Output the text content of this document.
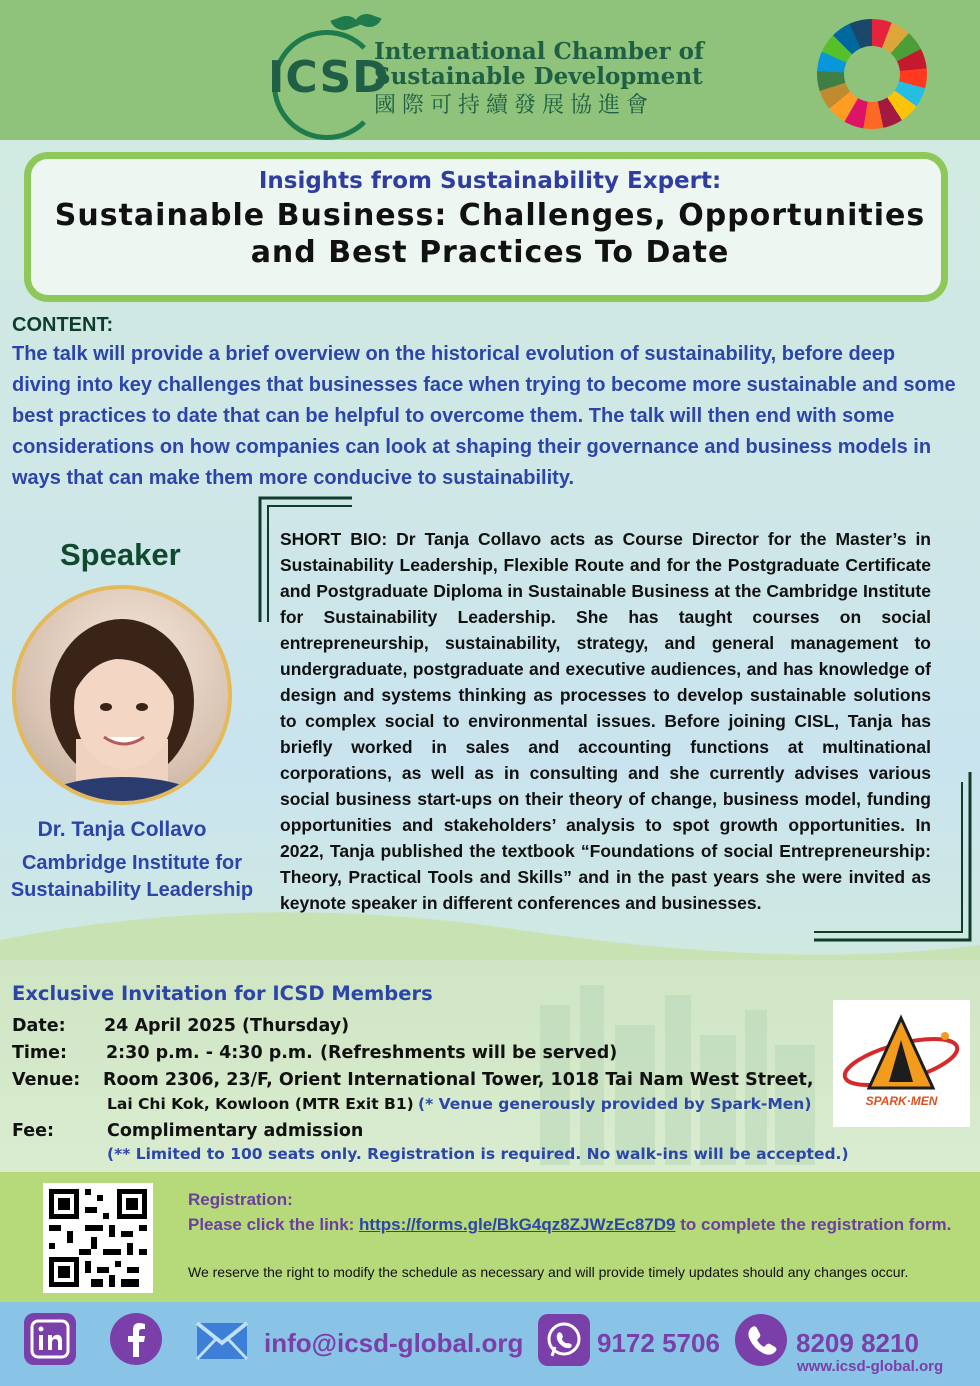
ICSD
International Chamber of
Sustainable Development
國際可持續發展協進會
Insights from Sustainability Expert:
Sustainable Business: Challenges, Opportunities
and Best Practices To Date
CONTENT:
The talk will provide a brief overview on the historical evolution of sustainability, before deep diving into key challenges that businesses face when trying to become more sustainable and some best practices to date that can be helpful to overcome them. The talk will then end with some considerations on how companies can look at shaping their governance and business models in ways that can make them more conducive to sustainability.
Speaker
Dr. Tanja Collavo
Cambridge Institute for
Sustainability Leadership
SHORT BIO: Dr Tanja Collavo acts as Course Director for the Master’s in Sustainability Leadership, Flexible Route and for the Postgraduate Certificate and Postgraduate Diploma in Sustainable Business at the Cambridge Institute for Sustainability Leadership. She has taught courses on social entrepreneurship, sustainability, strategy, and general management to undergraduate, postgraduate and executive audiences, and has knowledge of design and systems thinking as processes to develop sustainable solutions to complex social to environmental issues. Before joining CISL, Tanja has briefly worked in sales and accounting functions at multinational corporations, as well as in consulting and she currently advises various social business start-ups on their theory of change, business model, funding opportunities and stakeholders’ analysis to spot growth opportunities. In 2022, Tanja published the textbook “Foundations of social Entrepreneurship: Theory, Practical Tools and Skills” and in the past years she were invited as keynote speaker in different conferences and businesses.
Exclusive Invitation for ICSD Members
Date: 24 April 2025 (Thursday)
Time: 2:30 p.m. - 4:30 p.m. (Refreshments will be served)
Venue: Room 2306, 23/F, Orient International Tower, 1018 Tai Nam West Street,
Lai Chi Kok, Kowloon (MTR Exit B1) (* Venue generously provided by Spark-Men)
Fee:	Complimentary admission
(** Limited to 100 seats only. Registration is required. No walk-ins will be accepted.)
SPARK·MEN
Registration:
Please click the link: https://forms.gle/BkG4qz8ZJWzEc87D9 to complete the registration form.
We reserve the right to modify the schedule as necessary and will provide timely updates should any changes occur.
info@icsd-global.org	9172 5706	8209 8210
www.icsd-global.org
